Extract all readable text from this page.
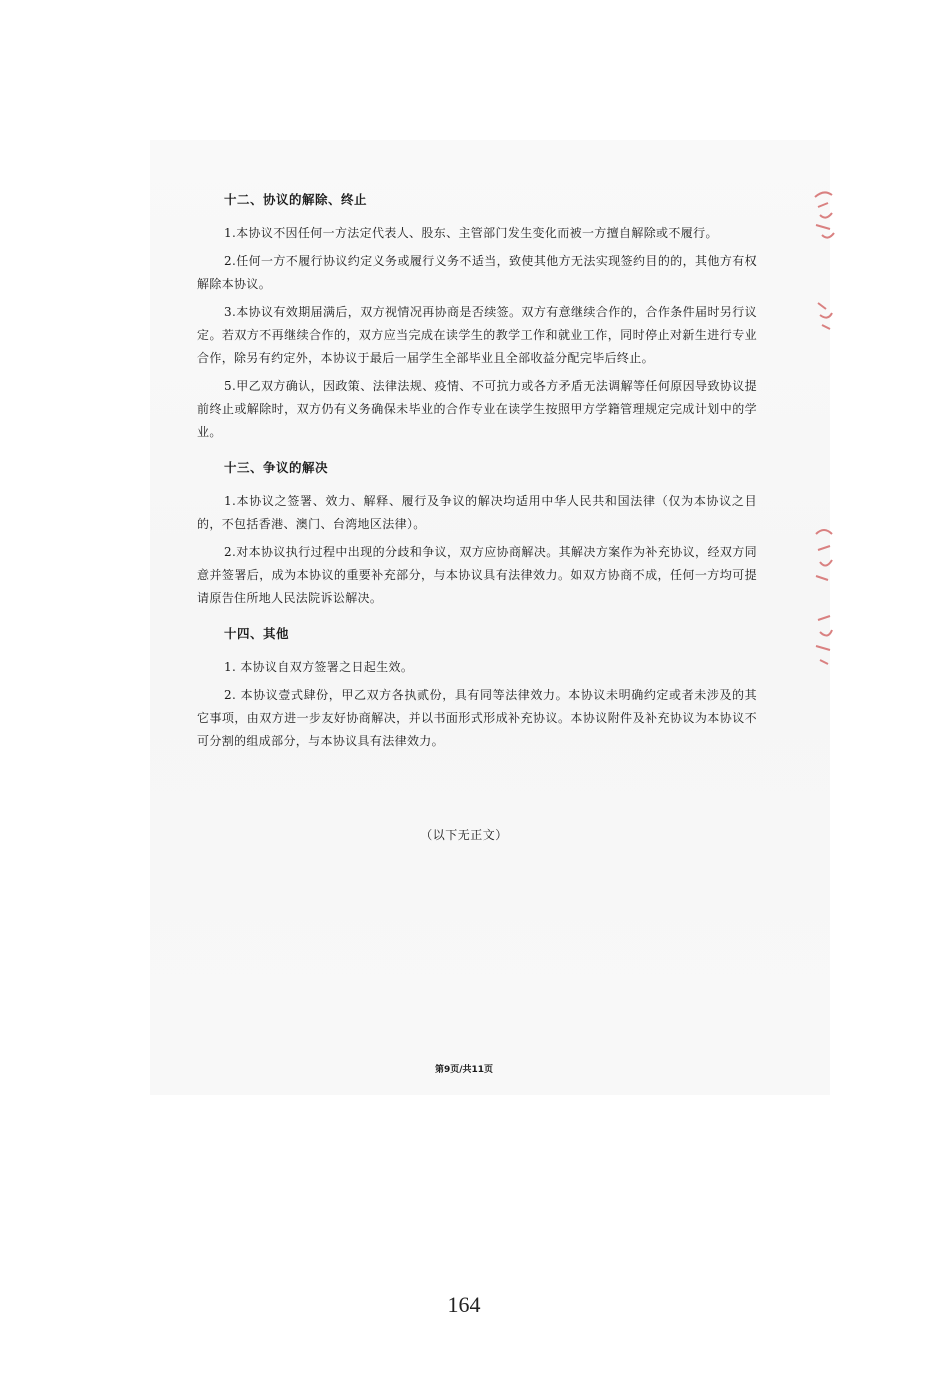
十二、协议的解除、终止

1.本协议不因任何一方法定代表人、股东、主管部门发生变化而被一方擅自解除或不履行。

2.任何一方不履行协议约定义务或履行义务不适当，致使其他方无法实现签约目的的，其他方有权解除本协议。

3.本协议有效期届满后，双方视情况再协商是否续签。双方有意继续合作的，合作条件届时另行议定。若双方不再继续合作的，双方应当完成在读学生的教学工作和就业工作，同时停止对新生进行专业合作，除另有约定外，本协议于最后一届学生全部毕业且全部收益分配完毕后终止。

5.甲乙双方确认，因政策、法律法规、疫情、不可抗力或各方矛盾无法调解等任何原因导致协议提前终止或解除时，双方仍有义务确保未毕业的合作专业在读学生按照甲方学籍管理规定完成计划中的学业。

十三、争议的解决

1.本协议之签署、效力、解释、履行及争议的解决均适用中华人民共和国法律（仅为本协议之目的，不包括香港、澳门、台湾地区法律）。

2.对本协议执行过程中出现的分歧和争议，双方应协商解决。其解决方案作为补充协议，经双方同意并签署后，成为本协议的重要补充部分，与本协议具有法律效力。如双方协商不成，任何一方均可提请原告住所地人民法院诉讼解决。

十四、其他

1. 本协议自双方签署之日起生效。

2. 本协议壹式肆份，甲乙双方各执贰份，具有同等法律效力。本协议未明确约定或者未涉及的其它事项，由双方进一步友好协商解决，并以书面形式形成补充协议。本协议附件及补充协议为本协议不可分割的组成部分，与本协议具有法律效力。

（以下无正文）
第9页/共11页
164
